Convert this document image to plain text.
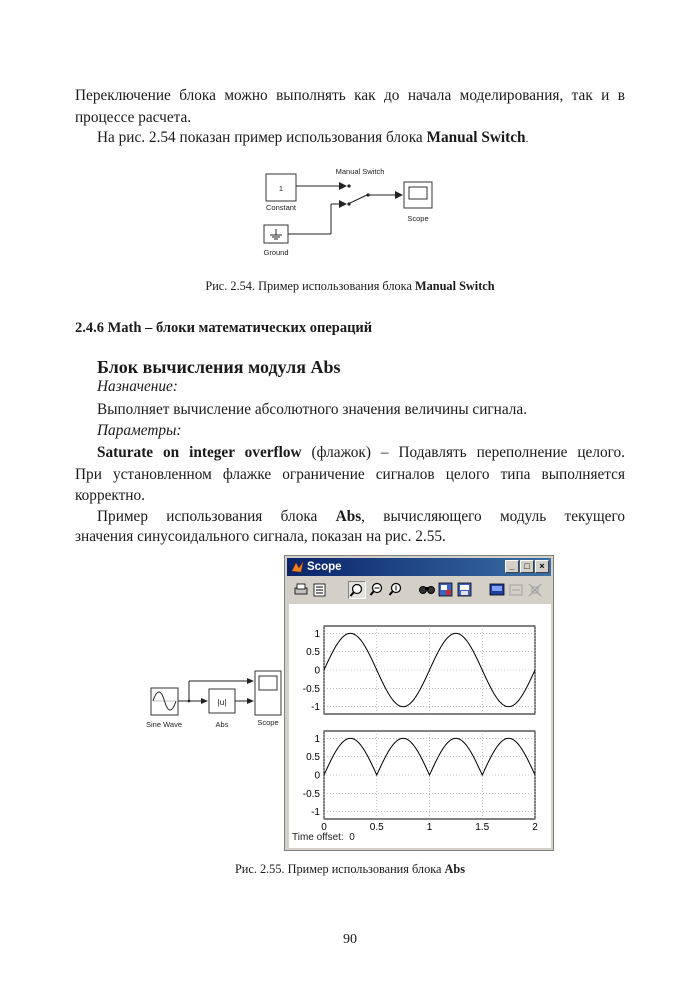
Переключение блока можно выполнять как до начала моделирования, так и в

процессе расчета.

На рис. 2.54 показан пример использования блока Manual Switch.

1
Constant
Manual Switch
Scope
Ground
Рис. 2.54. Пример использования блока Manual Switch
2.4.6 Math – блоки математических операций
Блок вычисления модуля Abs

Назначение:

Выполняет вычисление абсолютного значения величины сигнала.

Параметры:

Saturate on integer overflow (флажок) – Подавлять переполнение целого.

При установленном флажке ограничение сигналов целого типа выполняется

корректно.

Пример использования блока Abs, вычисляющего модуль текущего

значения синусоидального сигнала, показан на рис. 2.55.

Sine Wave
|u|
Abs	Scope
Scope	_	□	×
1
0.5
0
-0.5
-1
1
0.5
0
-0.5
-1
0	0.5	1	1.5	2
Time offset: 0
Рис. 2.55. Пример использования блока Abs
90
